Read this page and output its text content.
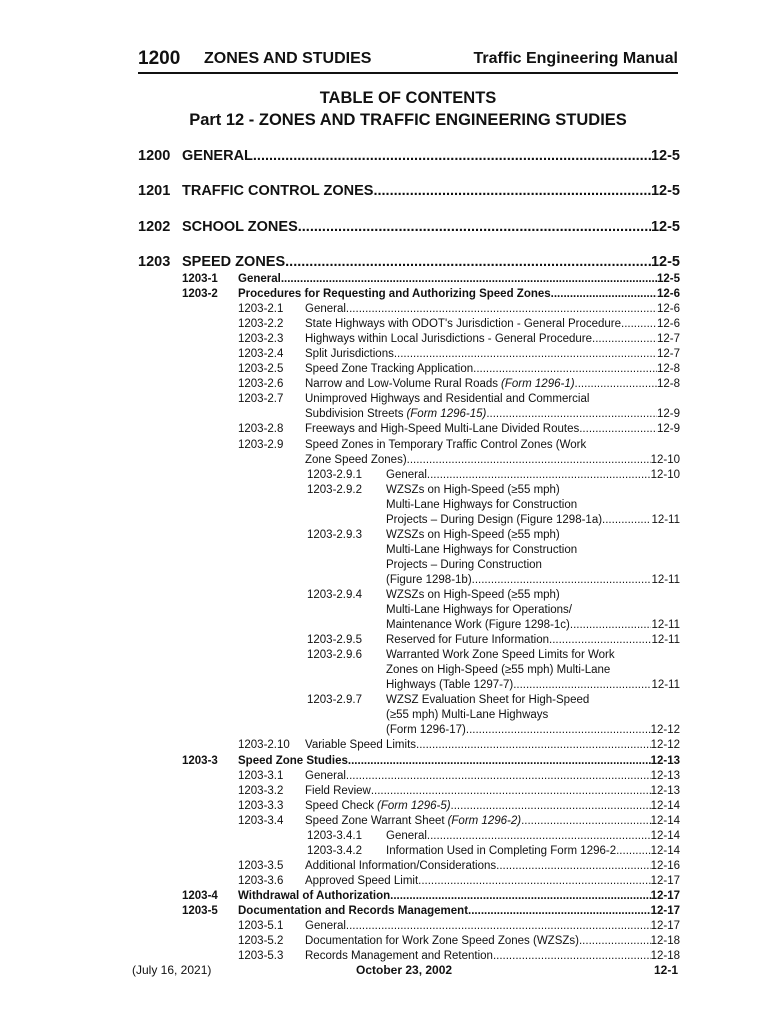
1200 ZONES AND STUDIES	Traffic Engineering Manual
TABLE OF CONTENTS
Part 12 - ZONES AND TRAFFIC ENGINEERING STUDIES
1200 GENERAL .....	12-5
1201 TRAFFIC CONTROL ZONES .....	12-5
1202 SCHOOL ZONES .....	12-5
1203 SPEED ZONES .....	12-5
1203-1	General .....	12-5
1203-2	Procedures for Requesting and Authorizing Speed Zones .....	12-6
1203-2.1	General .....	12-6
1203-2.2	State Highways with ODOT's Jurisdiction - General Procedure .....	12-6
1203-2.3	Highways within Local Jurisdictions - General Procedure .....	12-7
1203-2.4	Split Jurisdictions .....	12-7
1203-2.5	Speed Zone Tracking Application .....	12-8
1203-2.6	Narrow and Low-Volume Rural Roads (Form 1296-1) .....	12-8
1203-2.7	Unimproved Highways and Residential and Commercial
Subdivision Streets (Form 1296-15) .....	12-9
1203-2.8	Freeways and High-Speed Multi-Lane Divided Routes .....	12-9
1203-2.9	Speed Zones in Temporary Traffic Control Zones (Work
Zone Speed Zones) .....	12-10
1203-2.9.1	General .....	12-10
1203-2.9.2	WZSZs on High-Speed (≥55 mph)
Multi-Lane Highways for Construction
Projects – During Design (Figure 1298-1a) .....	12-11
1203-2.9.3	WZSZs on High-Speed (≥55 mph)
Multi-Lane Highways for Construction
Projects – During Construction
(Figure 1298-1b) .....	12-11
1203-2.9.4	WZSZs on High-Speed (≥55 mph)
Multi-Lane Highways for Operations/
Maintenance Work (Figure 1298-1c) .....	12-11
1203-2.9.5	Reserved for Future Information .....	12-11
1203-2.9.6	Warranted Work Zone Speed Limits for Work
Zones on High-Speed (≥55 mph) Multi-Lane
Highways (Table 1297-7) .....	12-11
1203-2.9.7	WZSZ Evaluation Sheet for High-Speed
(≥55 mph) Multi-Lane Highways
(Form 1296-17) .....	12-12
1203-2.10	Variable Speed Limits .....	12-12
1203-3	Speed Zone Studies .....	12-13
1203-3.1	General .....	12-13
1203-3.2	Field Review .....	12-13
1203-3.3	Speed Check (Form 1296-5) .....	12-14
1203-3.4	Speed Zone Warrant Sheet (Form 1296-2) .....	12-14
1203-3.4.1	General .....	12-14
1203-3.4.2	Information Used in Completing Form 1296-2 .....	12-14
1203-3.5	Additional Information/Considerations .....	12-16
1203-3.6	Approved Speed Limit .....	12-17
1203-4	Withdrawal of Authorization .....	12-17
1203-5	Documentation and Records Management .....	12-17
1203-5.1	General .....	12-17
1203-5.2	Documentation for Work Zone Speed Zones (WZSZs) .....	12-18
1203-5.3	Records Management and Retention .....	12-18
(July 16, 2021)	October 23, 2002	12-1
